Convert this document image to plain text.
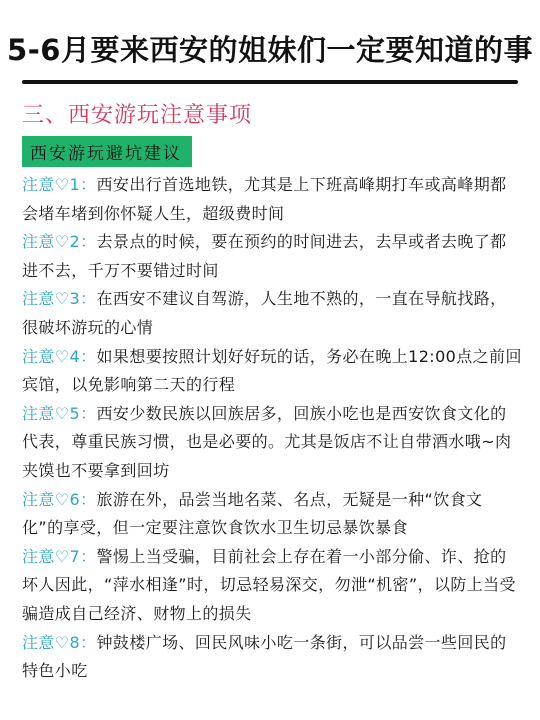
5-6月要来西安的姐妹们一定要知道的事
三、西安游玩注意事项
西安游玩避坑建议
注意♡1：西安出行首选地铁，尤其是上下班高峰期打车或高峰期都会堵车堵到你怀疑人生，超级费时间
注意♡2：去景点的时候，要在预约的时间进去，去早或者去晚了都进不去，千万不要错过时间
注意♡3：在西安不建议自驾游，人生地不熟的，一直在导航找路，很破坏游玩的心情
注意♡4：如果想要按照计划好好玩的话，务必在晚上12:00点之前回宾馆，以免影响第二天的行程
注意♡5：西安少数民族以回族居多，回族小吃也是西安饮食文化的代表，尊重民族习惯，也是必要的。尤其是饭店不让自带酒水哦~肉夹馍也不要拿到回坊
注意♡6：旅游在外，品尝当地名菜、名点，无疑是一种“饮食文化”的享受，但一定要注意饮食饮水卫生切忌暴饮暴食
注意♡7：警惕上当受骗，目前社会上存在着一小部分偷、诈、抢的坏人因此，“萍水相逢”时，切忌轻易深交，勿泄“机密”，以防上当受骗造成自己经济、财物上的损失
注意♡8：钟鼓楼广场、回民风味小吃一条街，可以品尝一些回民的特色小吃
